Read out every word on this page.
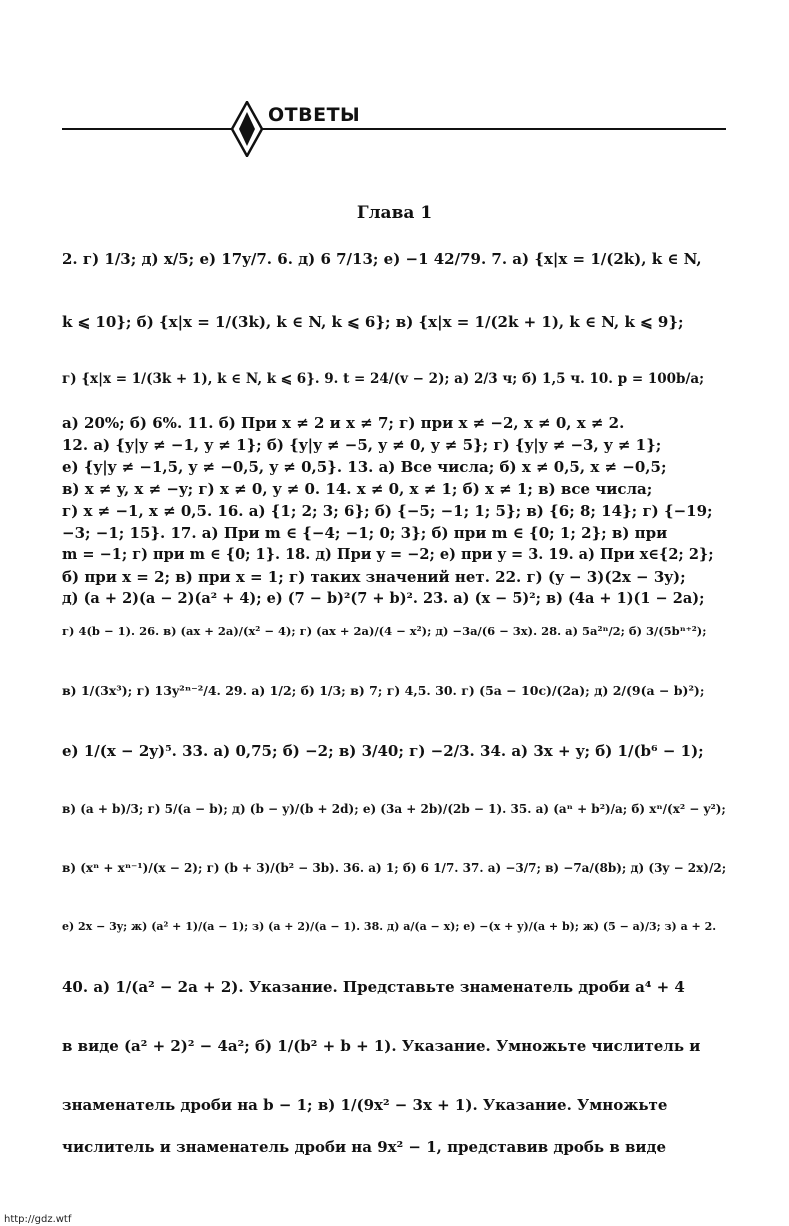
ОТВЕТЫ
Глава 1
2. г) 1/3; д) x/5; е) 17y/7. 6. д) 6 7/13; е) −1 42/79. 7. а) {x|x = 1/(2k), k ∈ N,
k ⩽ 10}; б) {x|x = 1/(3k), k ∈ N, k ⩽ 6}; в) {x|x = 1/(2k + 1), k ∈ N, k ⩽ 9};
г) {x|x = 1/(3k + 1), k ∈ N, k ⩽ 6}. 9. t = 24/(v − 2); а) 2/3 ч; б) 1,5 ч. 10. p = 100b/a;
а) 20%; б) 6%. 11. б) При x ≠ 2 и x ≠ 7; г) при x ≠ −2, x ≠ 0, x ≠ 2.
12. а) {y|y ≠ −1, y ≠ 1}; б) {y|y ≠ −5, y ≠ 0, y ≠ 5}; г) {y|y ≠ −3, y ≠ 1};
е) {y|y ≠ −1,5, y ≠ −0,5, y ≠ 0,5}. 13. а) Все числа; б) x ≠ 0,5, x ≠ −0,5;
в) x ≠ y, x ≠ −y; г) x ≠ 0, y ≠ 0. 14. x ≠ 0, x ≠ 1; б) x ≠ 1; в) все числа;
г) x ≠ −1, x ≠ 0,5. 16. а) {1; 2; 3; 6}; б) {−5; −1; 1; 5}; в) {6; 8; 14}; г) {−19;
−3; −1; 15}. 17. а) При m ∈ {−4; −1; 0; 3}; б) при m ∈ {0; 1; 2}; в) при
m = −1; г) при m ∈ {0; 1}. 18. д) При y = −2; е) при y = 3. 19. а) При x∈{2; 2};
б) при x = 2; в) при x = 1; г) таких значений нет. 22. г) (y − 3)(2x − 3y);
д) (a + 2)(a − 2)(a² + 4); е) (7 − b)²(7 + b)². 23. а) (x − 5)²; в) (4a + 1)(1 − 2a);
г) 4(b − 1). 26. в) (ax + 2a)/(x² − 4); г) (ax + 2a)/(4 − x²); д) −3a/(6 − 3x). 28. а) 5a²ⁿ/2; б) 3/(5bⁿ⁺²);
в) 1/(3x³); г) 13y²ⁿ⁻²/4. 29. а) 1/2; б) 1/3; в) 7; г) 4,5. 30. г) (5a − 10c)/(2a); д) 2/(9(a − b)²);
е) 1/(x − 2y)⁵. 33. а) 0,75; б) −2; в) 3/40; г) −2/3. 34. а) 3x + y; б) 1/(b⁶ − 1);
в) (a + b)/3; г) 5/(a − b); д) (b − y)/(b + 2d); е) (3a + 2b)/(2b − 1). 35. а) (aⁿ + b²)/a; б) xⁿ/(x² − y²);
в) (xⁿ + xⁿ⁻¹)/(x − 2); г) (b + 3)/(b² − 3b). 36. а) 1; б) 6 1/7. 37. а) −3/7; в) −7a/(8b); д) (3y − 2x)/2;
е) 2x − 3y; ж) (a² + 1)/(a − 1); з) (a + 2)/(a − 1). 38. д) a/(a − x); е) −(x + y)/(a + b); ж) (5 − a)/3; з) a + 2.
40. а) 1/(a² − 2a + 2). Указание. Представьте знаменатель дроби a⁴ + 4
в виде (a² + 2)² − 4a²; б) 1/(b² + b + 1). Указание. Умножьте числитель и
знаменатель дроби на b − 1; в) 1/(9x² − 3x + 1). Указание. Умножьте
числитель и знаменатель дроби на 9x² − 1, представив дробь в виде
http://gdz.wtf
